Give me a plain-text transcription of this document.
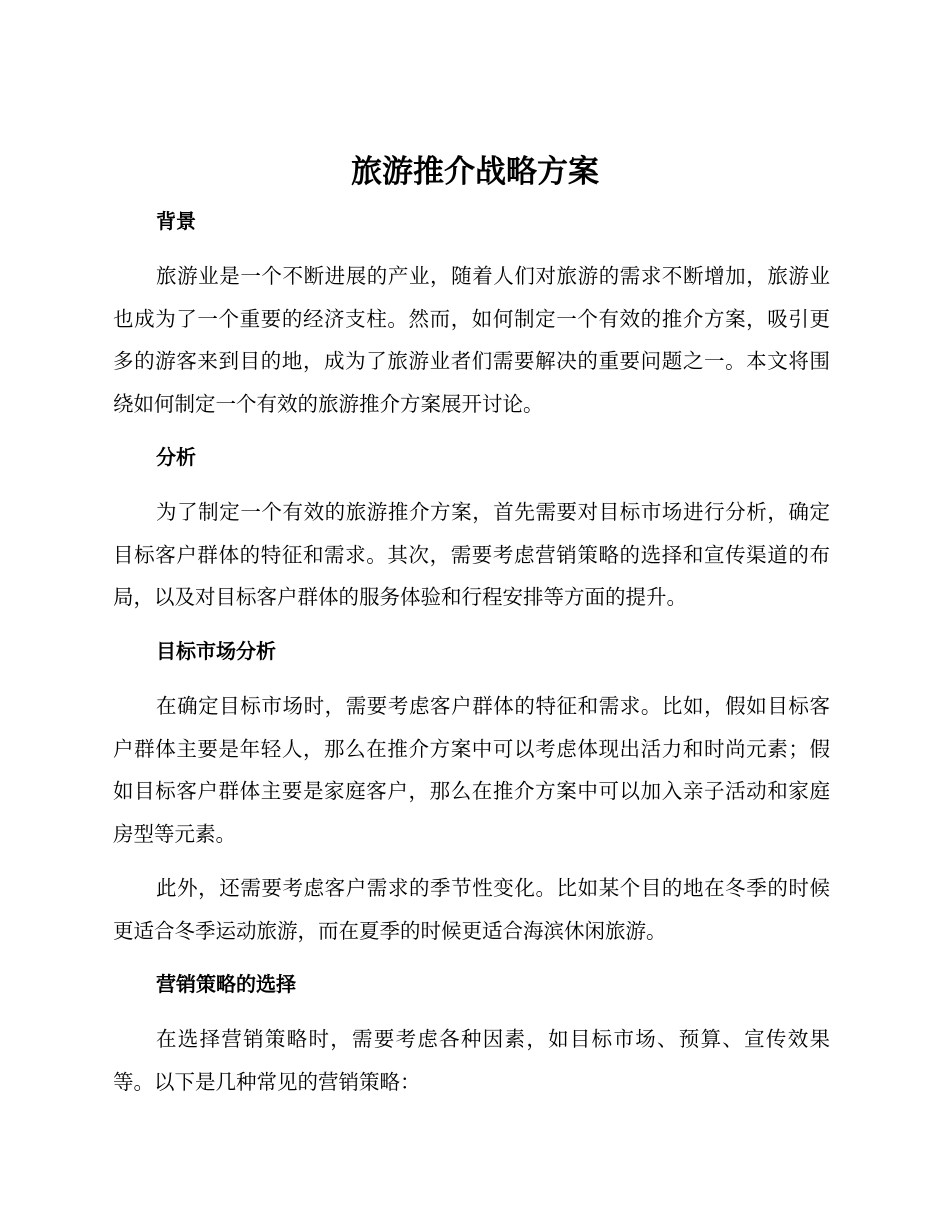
旅游推介战略方案
背景

旅游业是一个不断进展的产业，随着人们对旅游的需求不断增加，旅游业也成为了一个重要的经济支柱。然而，如何制定一个有效的推介方案，吸引更多的游客来到目的地，成为了旅游业者们需要解决的重要问题之一。本文将围绕如何制定一个有效的旅游推介方案展开讨论。

分析

为了制定一个有效的旅游推介方案，首先需要对目标市场进行分析，确定目标客户群体的特征和需求。其次，需要考虑营销策略的选择和宣传渠道的布局，以及对目标客户群体的服务体验和行程安排等方面的提升。

目标市场分析

在确定目标市场时，需要考虑客户群体的特征和需求。比如，假如目标客户群体主要是年轻人，那么在推介方案中可以考虑体现出活力和时尚元素；假如目标客户群体主要是家庭客户，那么在推介方案中可以加入亲子活动和家庭房型等元素。

此外，还需要考虑客户需求的季节性变化。比如某个目的地在冬季的时候更适合冬季运动旅游，而在夏季的时候更适合海滨休闲旅游。

营销策略的选择

在选择营销策略时，需要考虑各种因素，如目标市场、预算、宣传效果等。以下是几种常见的营销策略：
